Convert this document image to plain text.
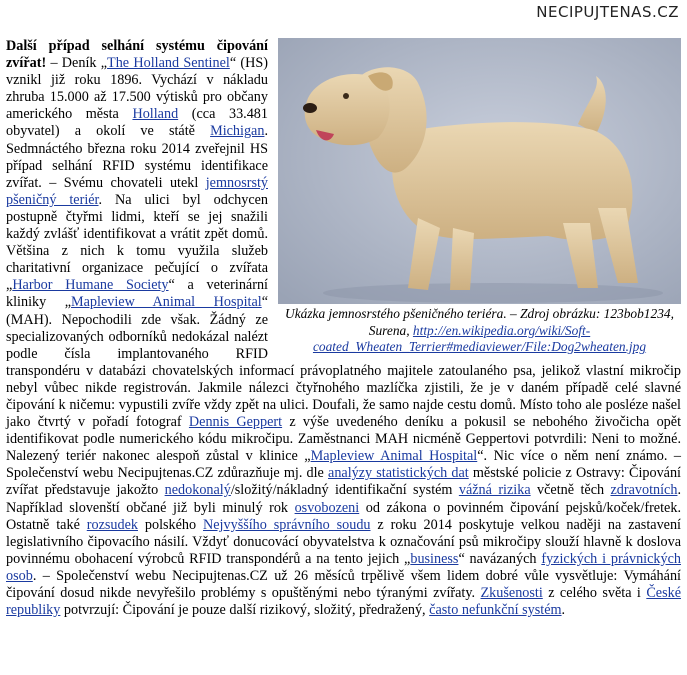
NECIPUJTENAS.CZ
Ukázka jemnosrstého pšeničného teriéra. – Zdroj obrázku: 123bob1234, Surena, http://en.wikipedia.org/wiki/Soft-coated_Wheaten_Terrier#mediaviewer/File:Dog2wheaten.jpg
Další případ selhání systému čipování zvířat! – Deník „The Holland Sentinel“ (HS) vznikl již roku 1896. Vychází v nákladu zhruba 15.000 až 17.500 výtisků pro občany amerického města Holland (cca 33.481 obyvatel) a okolí ve státě Michigan. Sedmnáctého března roku 2014 zveřejnil HS případ selhání RFID systému identifikace zvířat. – Svému chovateli utekl jemnosrstý pšeničný teriér. Na ulici byl odchycen postupně čtyřmi lidmi, kteří se jej snažili každý zvlášť identifikovat a vrátit zpět domů. Většina z nich k tomu využila služeb charitativní organizace pečující o zvířata „Harbor Humane Society“ a veterinární kliniky „Mapleview Animal Hospital“ (MAH). Nepochodili zde však. Žádný ze specializovaných odborníků nedokázal nalézt podle čísla implantovaného RFID transpondéru v databázi chovatelských informací právoplatného majitele zatoulaného psa, jelikož vlastní mikročip nebyl vůbec nikde registrován. Jakmile nálezci čtyřnohého mazlíčka zjistili, že je v daném případě celé slavné čipování k ničemu: vypustili zvíře vždy zpět na ulici. Doufali, že samo najde cestu domů. Místo toho ale posléze našel jako čtvrtý v pořadí fotograf Dennis Geppert z výše uvedeného deníku a pokusil se nebohého živočicha opět identifikovat podle numerického kódu mikročipu. Zaměstnanci MAH nicméně Geppertovi potvrdili: Neni to možné. Nalezený teriér nakonec alespoň zůstal v klinice „Mapleview Animal Hospital“. Nic více o něm není známo. – Společenství webu Necipujtenas.CZ zdůrazňuje mj. dle analýzy statistických dat městské policie z Ostravy: Čipování zvířat představuje jakožto nedokonalý/složitý/nákladný identifikační systém vážná rizika včetně těch zdravotních. Například slovenští občané již byli minulý rok osvobozeni od zákona o povinném čipování pejsků/koček/fretek. Ostatně také rozsudek polského Nejvyššího správního soudu z roku 2014 poskytuje velkou naději na zastavení legislativního čipovacího násilí. Vždyť donucovácí obyvatelstva k označování psů mikročipy slouží hlavně k doslova povinnému obohacení výrobců RFID transpondérů a na tento jejich „business“ navázaných fyzických i právnických osob. – Společenství webu Necipujtenas.CZ už 26 měsíců trpělivě všem lidem dobré vůle vysvětluje: Vymáhání čipování dosud nikde nevyřešilo problémy s opuštěnými nebo týranými zvířaty. Zkušenosti z celého světa i České republiky potvrzují: Čipování je pouze další rizikový, složitý, předražený, často nefunkční systém.
